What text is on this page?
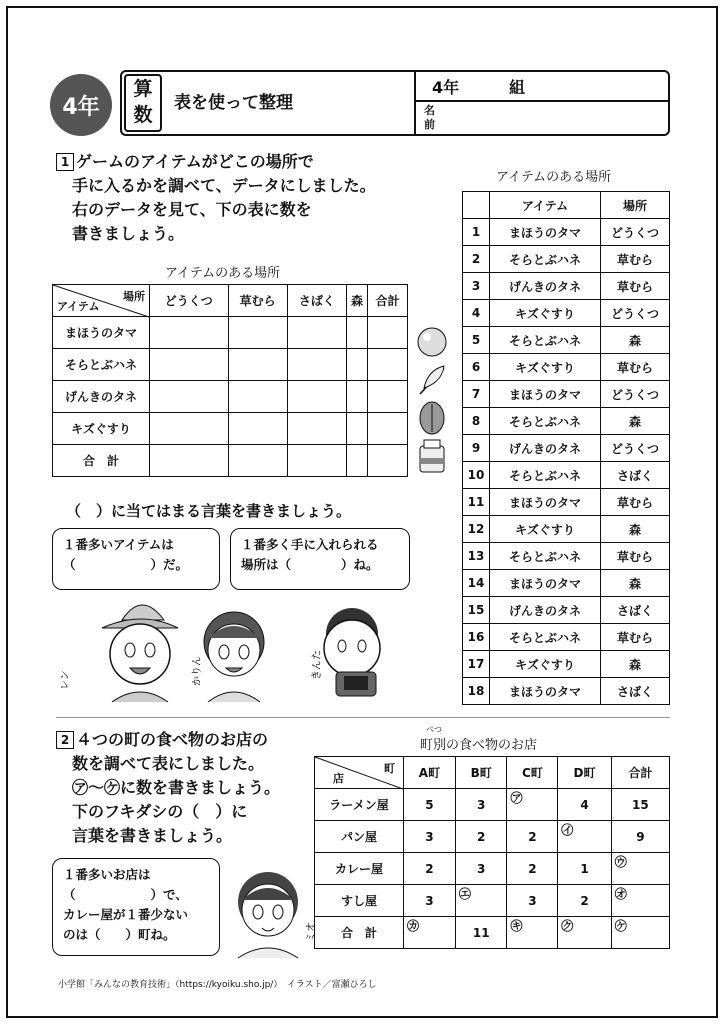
4年
算
数
表を使って整理
4年	組
名
前
1 ゲームのアイテムがどこの場所で
手に入るかを調べて、データにしました。
右のデータを見て、下の表に数を
書きましょう。
アイテムのある場所
場所
アイテム	どうくつ	草むら	さばく	森	合計
まほうのタマ					
そらとぶハネ					
げんきのタネ					
キズぐすり					
合　計					
アイテムのある場所
	アイテム	場所
1	まほうのタマ	どうくつ
2	そらとぶハネ	草むら
3	げんきのタネ	草むら
4	キズぐすり	どうくつ
5	そらとぶハネ	森
6	キズぐすり	草むら
7	まほうのタマ	どうくつ
8	そらとぶハネ	森
9	げんきのタネ	どうくつ
10	そらとぶハネ	さばく
11	まほうのタマ	草むら
12	キズぐすり	森
13	そらとぶハネ	草むら
14	まほうのタマ	森
15	げんきのタネ	さばく
16	そらとぶハネ	草むら
17	キズぐすり	森
18	まほうのタマ	さばく
（　）に当てはまる言葉を書きましょう。
１番多いアイテムは
（　　　　　　）だ。
１番多く手に入れられる
場所は（　　　　）ね。
レン	かりん	きんた
2 ４つの町の食べ物のお店の
数を調べて表にしました。
㋐〜㋘に数を書きましょう。
下のフキダシの（　）に
言葉を書きましょう。
べつ
町別の食べ物のお店
町
店	A町	B町	C町	D町	合計
ラーメン屋	5	3	㋐	4	15
パン屋	3	2	2	㋑	9
カレー屋	2	3	2	1	㋒
すし屋	3	㋓	3	2	㋔
合　計	㋕	11	㋖	㋗	㋘
１番多いお店は
（　　　　　　）で、
カレー屋が１番少ない
のは（　　）町ね。	ミオ
小学館「みんなの教育技術」（https://kyoiku.sho.jp/）　イラスト／富瀬ひろし
